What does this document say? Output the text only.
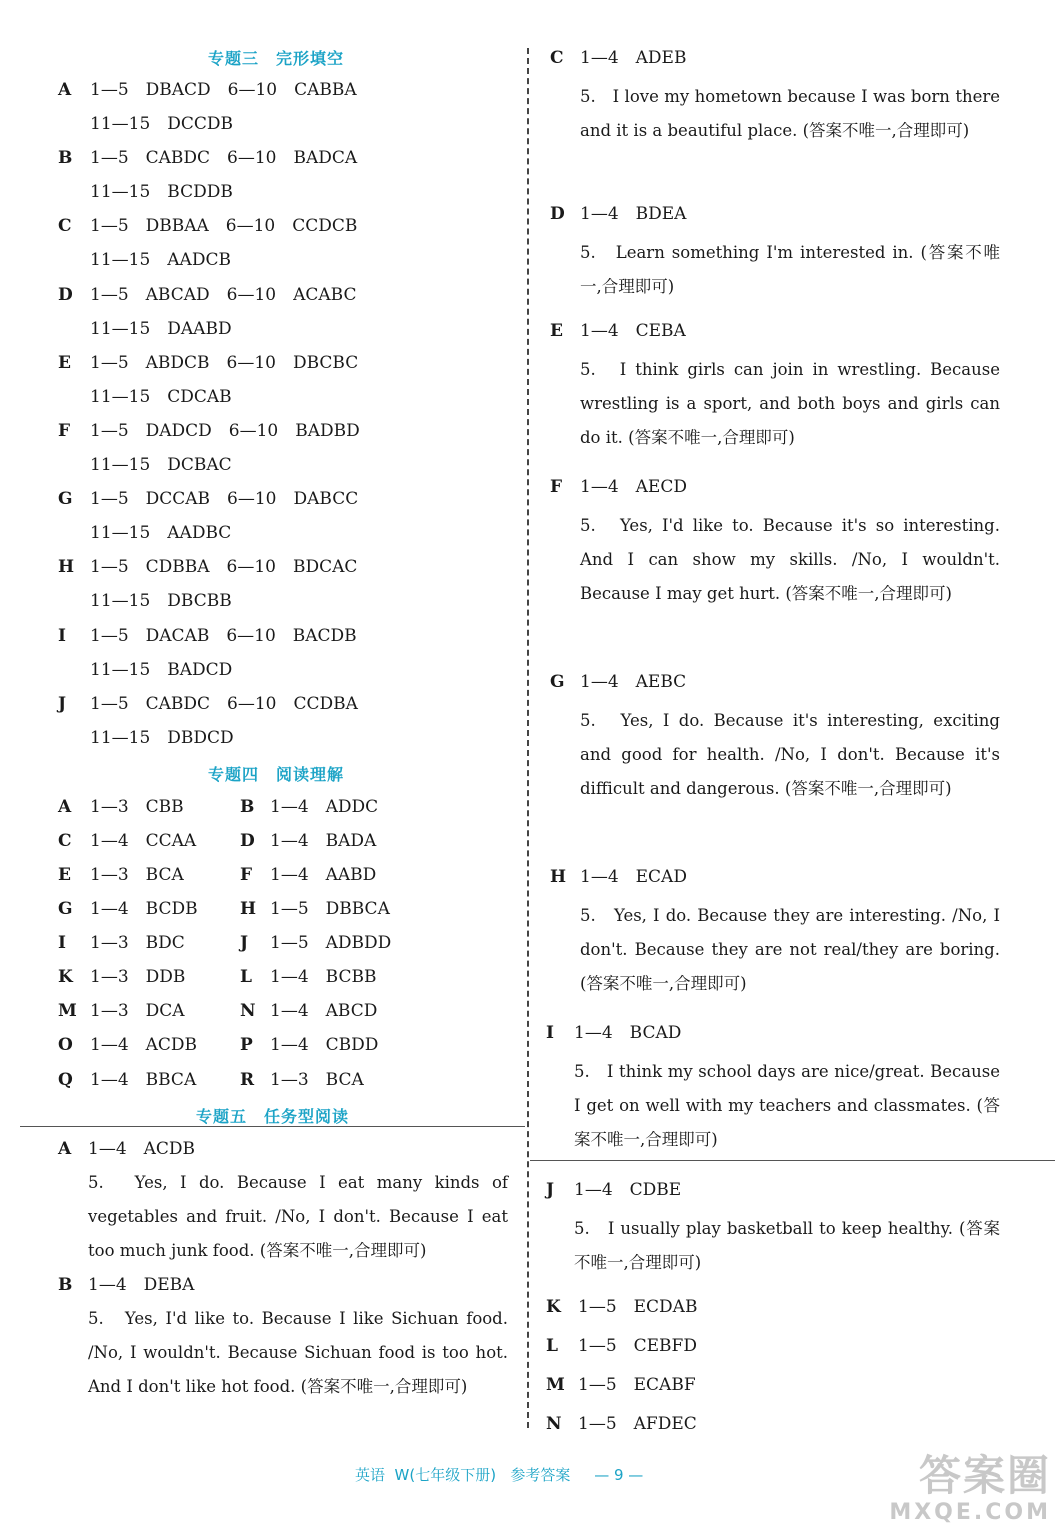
专题三　完形填空
A 1—5　DBACD　6—10　CABBA
11—15　DCCDB
B 1—5　CABDC　6—10　BADCA
11—15　BCDDB
C 1—5　DBBAA　6—10　CCDCB
11—15　AADCB
D 1—5　ABCAD　6—10　ACABC
11—15　DAABD
E 1—5　ABDCB　6—10　DBCBC
11—15　CDCAB
F 1—5　DADCD　6—10　BADBD
11—15　DCBAC
G 1—5　DCCAB　6—10　DABCC
11—15　AADBC
H 1—5　CDBBA　6—10　BDCAC
11—15　DBCBB
I 1—5　DACAB　6—10　BACDB
11—15　BADCD
J 1—5　CABDC　6—10　CCDBA
11—15　DBDCD
专题四　阅读理解
A 1—3　CBB	B 1—4　ADDC
C 1—4　CCAA	D 1—4　BADA
E 1—3　BCA	F 1—4　AABD
G 1—4　BCDB H 1—5　DBBCA
I 1—3　BDC	J 1—5　ADBDD
K 1—3　DDB	L 1—4　BCBB
M 1—3　DCA	N 1—4　ABCD
O 1—4　ACDB	P 1—4　CBDD
Q 1—4　BBCA	R 1—3　BCA
专题五　任务型阅读
A 1—4　ACDB
5.　Yes, I do. Because I eat many kinds of vegetables and fruit. /No, I don't. Because I eat too much junk food. (答案不唯一,合理即可)
B 1—4　DEBA
5.　Yes, I'd like to. Because I like Sichuan food. /No, I wouldn't. Because Sichuan food is too hot. And I don't like hot food. (答案不唯一,合理即可)
C 1—4　ADEB
5.　I love my hometown because I was born there and it is a beautiful place. (答案不唯一,合理即可)
D 1—4　BDEA
5.　Learn something I'm interested in. (答案不唯一,合理即可)
E 1—4　CEBA
5.　I think girls can join in wrestling. Because wrestling is a sport, and both boys and girls can do it. (答案不唯一,合理即可)
F 1—4　AECD
5.　Yes, I'd like to. Because it's so interesting. And I can show my skills. /No, I wouldn't. Because I may get hurt. (答案不唯一,合理即可)
G 1—4　AEBC
5.　Yes, I do. Because it's interesting, exciting and good for health. /No, I don't. Because it's difficult and dangerous. (答案不唯一,合理即可)
H 1—4　ECAD
5.　Yes, I do. Because they are interesting. /No, I don't. Because they are not real/they are boring. (答案不唯一,合理即可)
I 1—4　BCAD
5.　I think my school days are nice/great. Because I get on well with my teachers and classmates. (答案不唯一,合理即可)
J 1—4　CDBE
5.　I usually play basketball to keep healthy. (答案不唯一,合理即可)
K 1—5　ECDAB
L 1—5　CEBFD
M 1—5　ECABF
N 1—5　AFDEC
英语  W(七年级下册)   参考答案     — 9 —	答案圈
MXQE.COM
